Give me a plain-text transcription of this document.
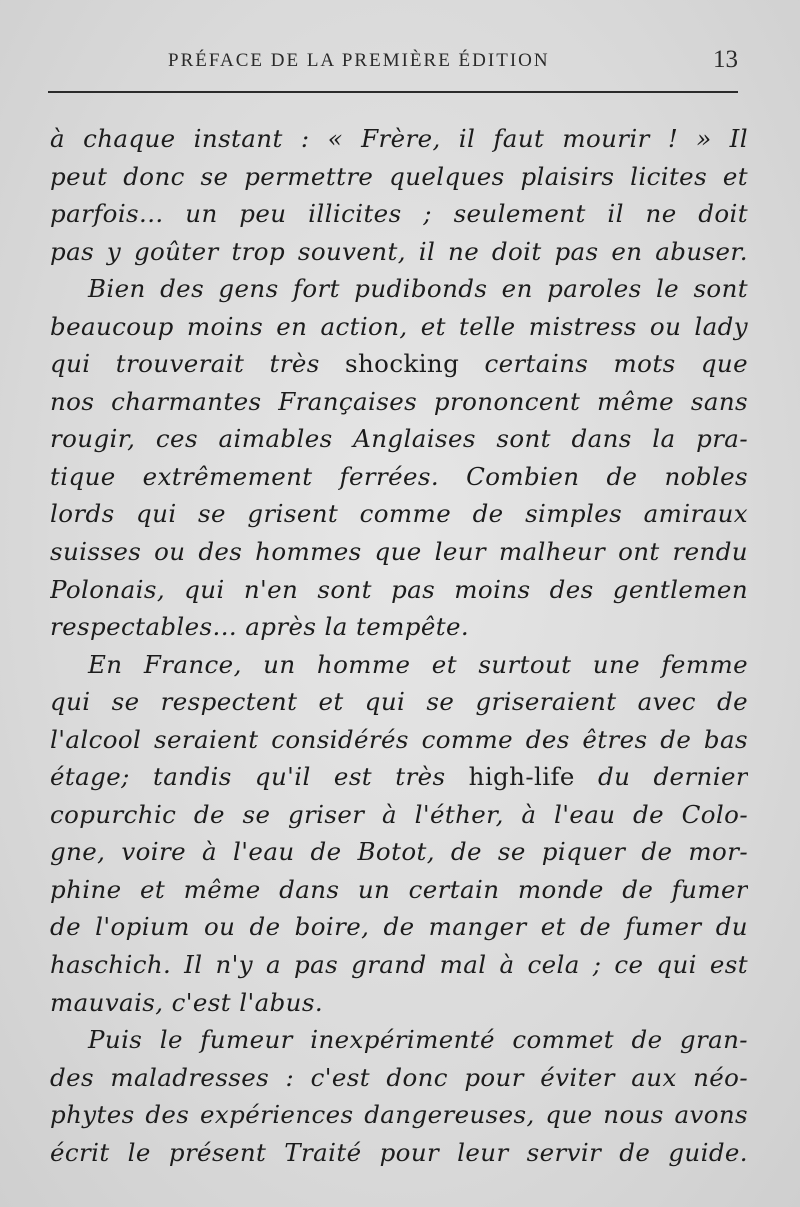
PRÉFACE DE LA PREMIÈRE ÉDITION	13
à chaque instant : « Frère, il faut mourir ! » Il
peut donc se permettre quelques plaisirs licites et
parfois... un peu illicites ; seulement il ne doit
pas y goûter trop souvent, il ne doit pas en abuser.
Bien des gens fort pudibonds en paroles le sont
beaucoup moins en action, et telle mistress ou lady
qui trouverait très shocking certains mots que
nos charmantes Françaises prononcent même sans
rougir, ces aimables Anglaises sont dans la pra-
tique extrêmement ferrées. Combien de nobles
lords qui se grisent comme de simples amiraux
suisses ou des hommes que leur malheur ont rendu
Polonais, qui n'en sont pas moins des gentlemen
respectables... après la tempête.
En France, un homme et surtout une femme
qui se respectent et qui se griseraient avec de
l'alcool seraient considérés comme des êtres de bas
étage; tandis qu'il est très high-life du dernier
copurchic de se griser à l'éther, à l'eau de Colo-
gne, voire à l'eau de Botot, de se piquer de mor-
phine et même dans un certain monde de fumer
de l'opium ou de boire, de manger et de fumer du
haschich. Il n'y a pas grand mal à cela ; ce qui est
mauvais, c'est l'abus.
Puis le fumeur inexpérimenté commet de gran-
des maladresses : c'est donc pour éviter aux néo-
phytes des expériences dangereuses, que nous avons
écrit le présent Traité pour leur servir de guide.
